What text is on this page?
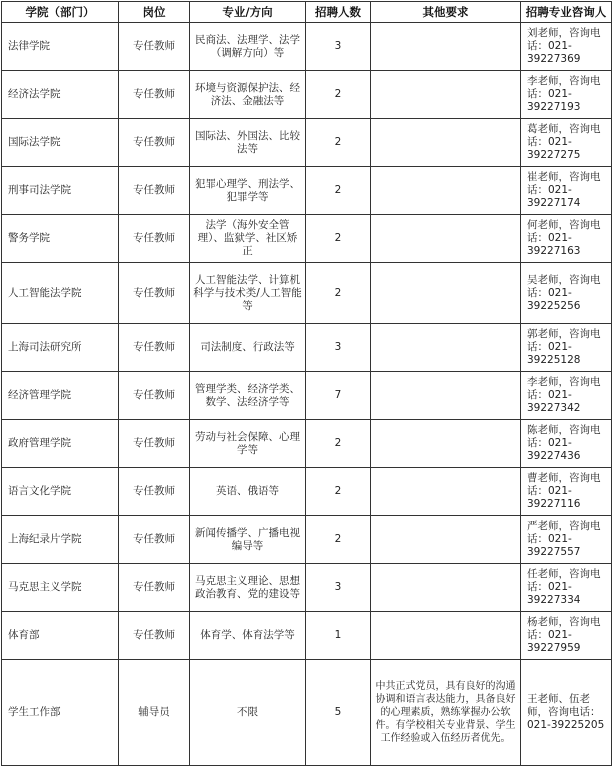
学院（部门）	岗位	专业/方向	招聘人数	其他要求	招聘专业咨询人
法律学院	专任教师	民商法、法理学、法学（调解方向）等	3		刘老师，咨询电话：021-39227369
经济法学院	专任教师	环境与资源保护法、经济法、金融法等	2		李老师，咨询电话：021-39227193
国际法学院	专任教师	国际法、外国法、比较法等	2		葛老师，咨询电话：021-39227275
刑事司法学院	专任教师	犯罪心理学、刑法学、犯罪学等	2		崔老师，咨询电话：021-39227174
警务学院	专任教师	法学（海外安全管理）、监狱学、社区矫正	2		何老师，咨询电话：021-39227163
人工智能法学院	专任教师	人工智能法学、计算机科学与技术类/人工智能等	2		吴老师，咨询电话：021-39225256
上海司法研究所	专任教师	司法制度、行政法等	3		郭老师，咨询电话：021-39225128
经济管理学院	专任教师	管理学类、经济学类、数学、法经济学等	7		李老师，咨询电话：021-39227342
政府管理学院	专任教师	劳动与社会保障、心理学等	2		陈老师，咨询电话：021-39227436
语言文化学院	专任教师	英语、俄语等	2		曹老师，咨询电话：021-39227116
上海纪录片学院	专任教师	新闻传播学、广播电视编导等	2		严老师，咨询电话：021-39227557
马克思主义学院	专任教师	马克思主义理论、思想政治教育、党的建设等	3		任老师，咨询电话：021-39227334
体育部	专任教师	体育学、体育法学等	1		杨老师，咨询电话：021-39227959
学生工作部	辅导员	不限	5	中共正式党员，具有良好的沟通协调和语言表达能力，具备良好的心理素质，熟练掌握办公软件。有学校相关专业背景、学生工作经验或入伍经历者优先。	王老师、伍老师，咨询电话：021-39225205
